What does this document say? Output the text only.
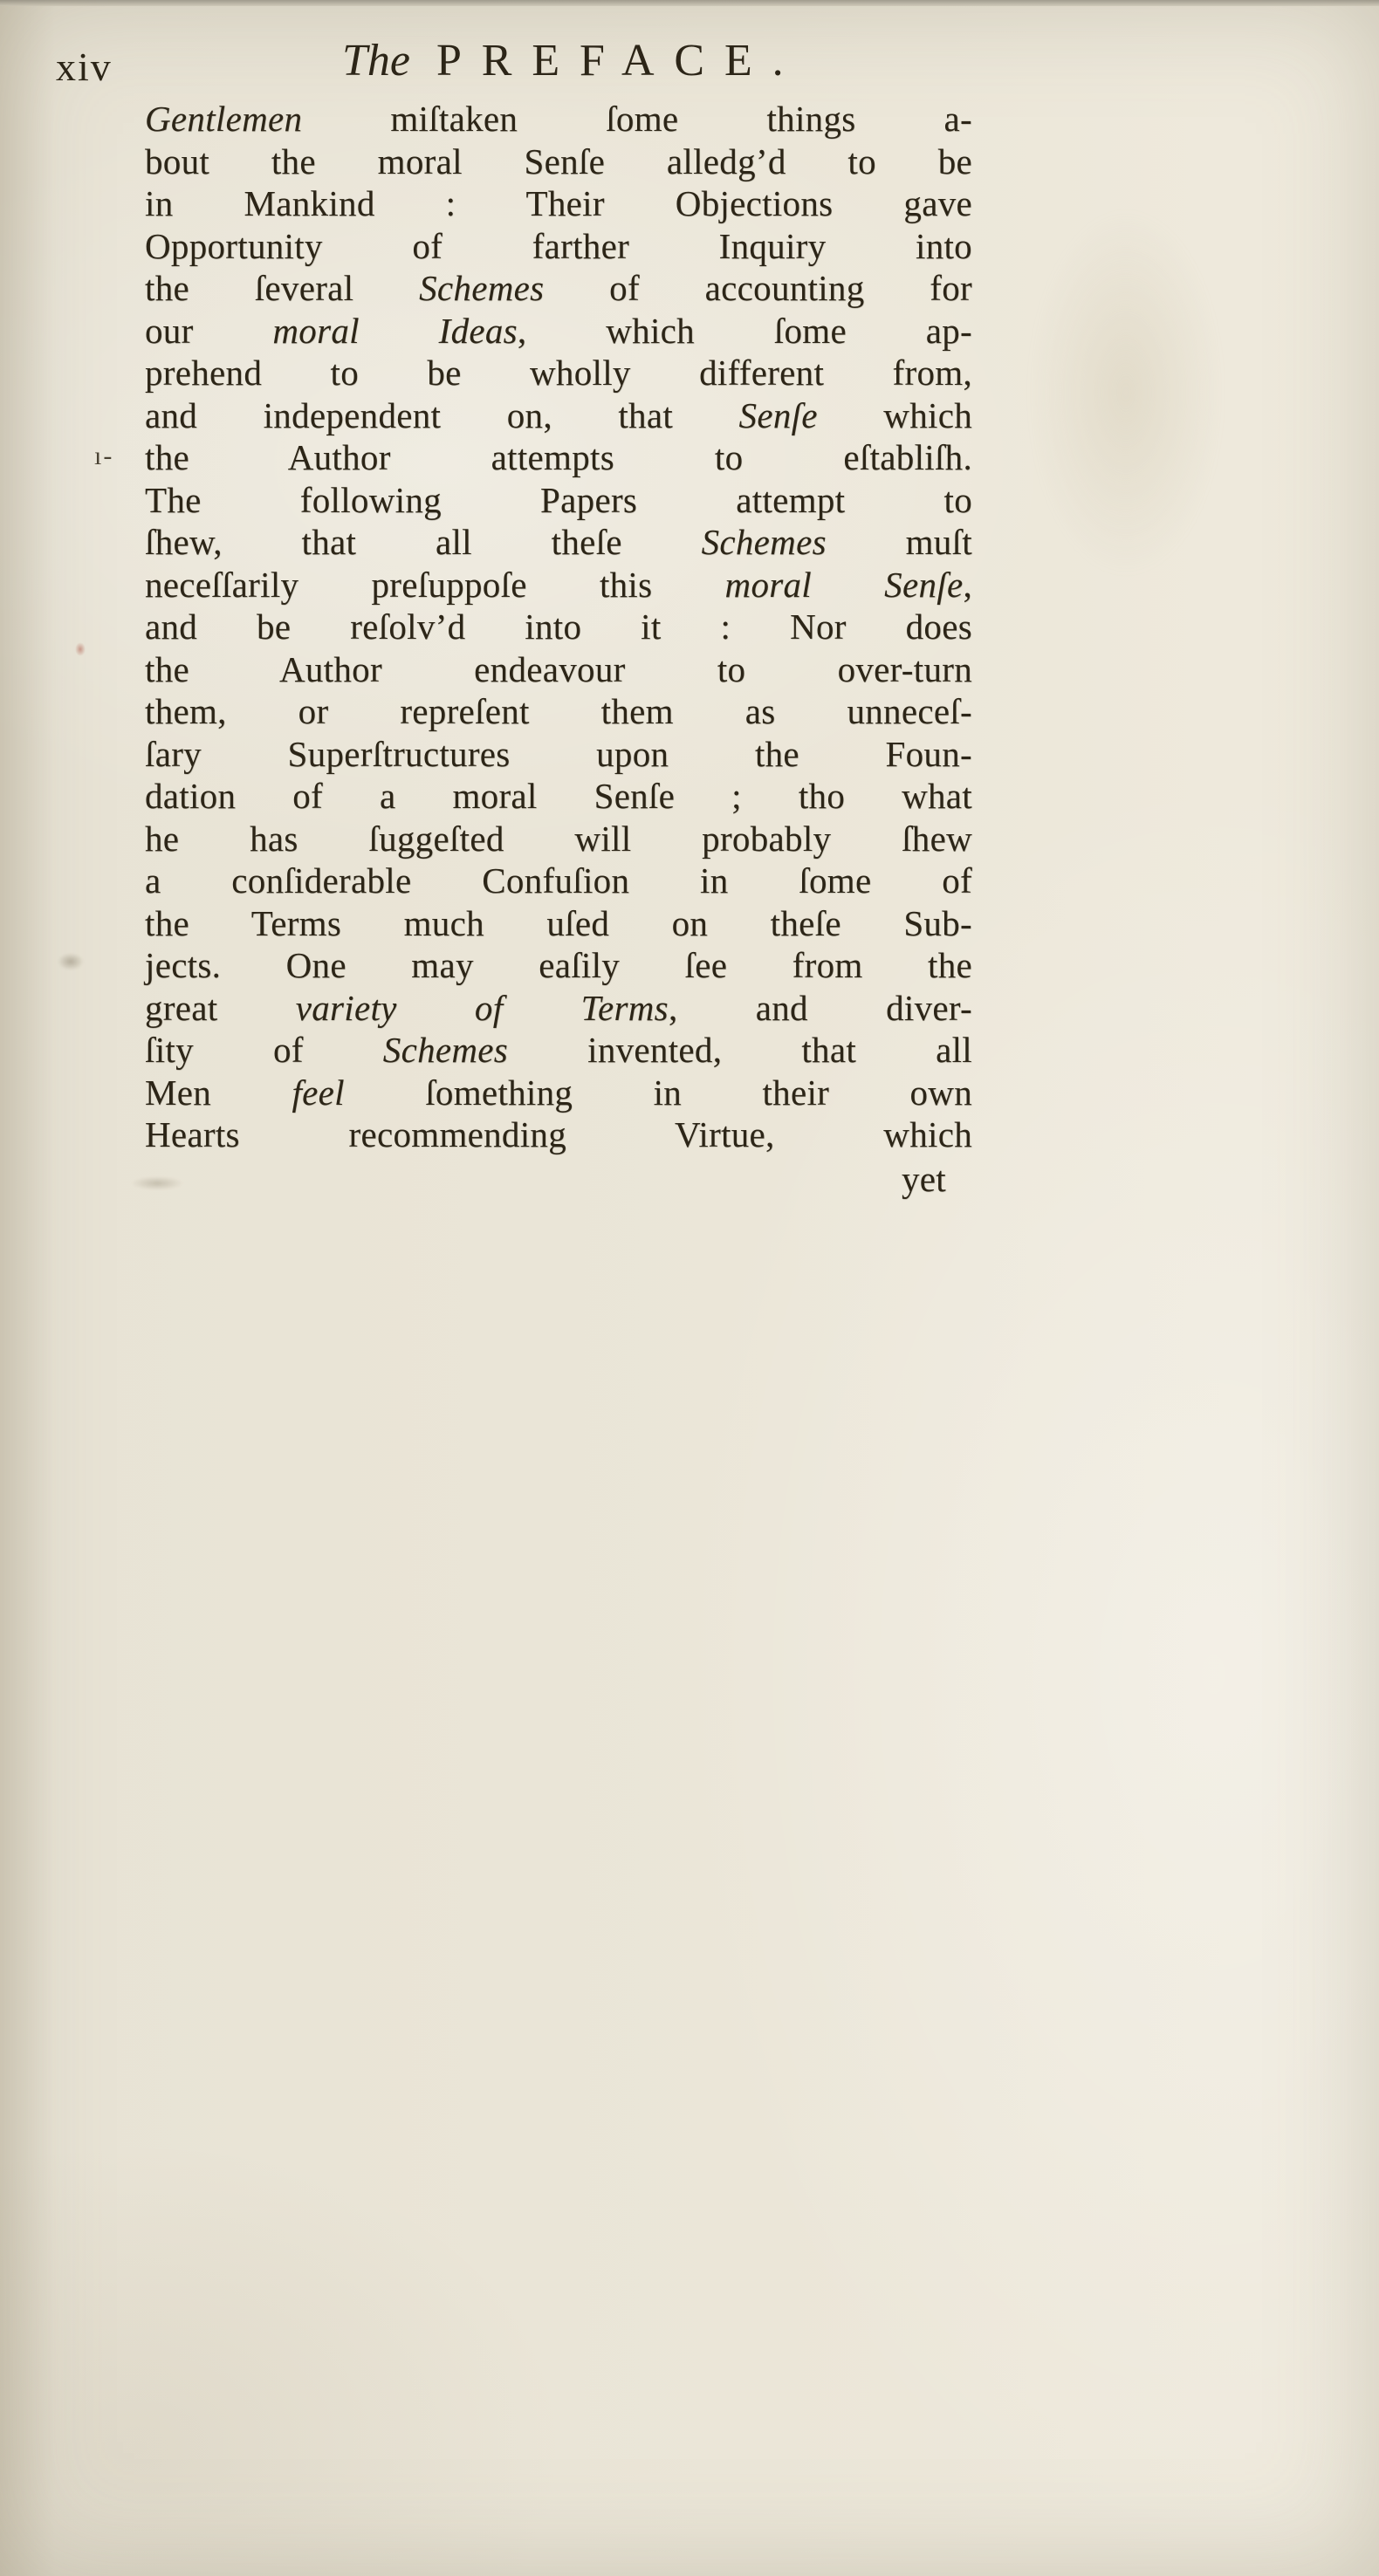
xiv	The PREFACE.
ı-
Gentlemen miſtaken ſome things a-
bout the moral Senſe alledg’d to be
in Mankind : Their Objections gave
Opportunity of farther Inquiry into
the ſeveral Schemes of accounting for
our moral Ideas, which ſome ap-
prehend to be wholly different from,
and independent on, that Senſe which
the Author attempts to eſtabliſh.
The following Papers attempt to
ſhew, that all theſe Schemes muſt
neceſſarily preſuppoſe this moral Senſe,
and be reſolv’d into it : Nor does
the Author endeavour to over-turn
them, or repreſent them as unneceſ-
ſary Superſtructures upon the Foun-
dation of a moral Senſe ; tho what
he has ſuggeſted will probably ſhew
a conſiderable Confuſion in ſome of
the Terms much uſed on theſe Sub-
jects. One may eaſily ſee from the
great variety of Terms, and diver-
ſity of Schemes invented, that all
Men feel ſomething in their own
Hearts recommending Virtue, which
yet
